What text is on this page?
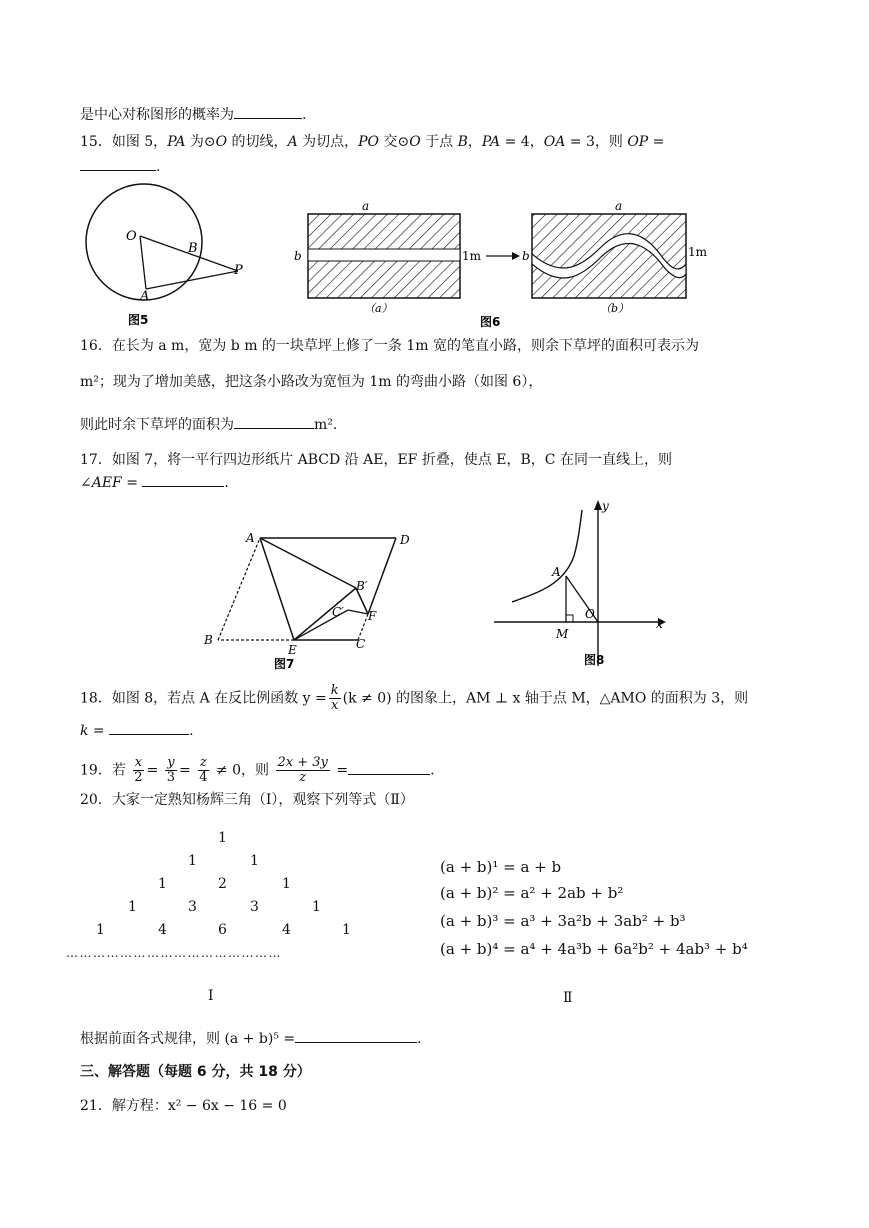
是中心对称图形的概率为	.
15．如图 5，PA 为⊙O 的切线，A 为切点，PO 交⊙O 于点 B，PA = 4，OA = 3，则 OP =
.
O
B
A
P
图5
a
b	1m
（a）
图6
a
b	1m
（b）
16．在长为 a m，宽为 b m 的一块草坪上修了一条 1m 宽的笔直小路，则余下草坪的面积可表示为
m²；现为了增加美感，把这条小路改为宽恒为 1m 的弯曲小路（如图 6），
则此时余下草坪的面积为	m².
17．如图 7，将一平行四边形纸片 ABCD 沿 AE，EF 折叠，使点 E，B，C 在同一直线上，则
∠AEF =	.
A	D
B
B′
C′ F
E	C
图7
A
y
x
O
M
图8
18．如图 8，若点 A 在反比例函数 $y = \frac{k}{x} (k \ne 0)$ 的图象上，AM ⊥ x 轴于点 M，△AMO 的面积为 3，则
k =	.
19．若 $\frac{x}{2} = \frac{y}{3} = \frac{z}{4} \ne 0$，则 $\frac{2x + 3y}{z}$ =	.
20．大家一定熟知杨辉三角（Ⅰ），观察下列等式（Ⅱ）
1
1	1
1	2	1
1	3	3	1
1	4	6	4	1
…………………………………………
Ⅰ
(a + b)¹ = a + b
(a + b)² = a² + 2ab + b²
(a + b)³ = a³ + 3a²b + 3ab² + b³
(a + b)⁴ = a⁴ + 4a³b + 6a²b² + 4ab³ + b⁴
Ⅱ
根据前面各式规律，则 (a + b)⁵ =	.
三、解答题（每题 6 分，共 18 分）
21．解方程：x² − 6x − 16 = 0
